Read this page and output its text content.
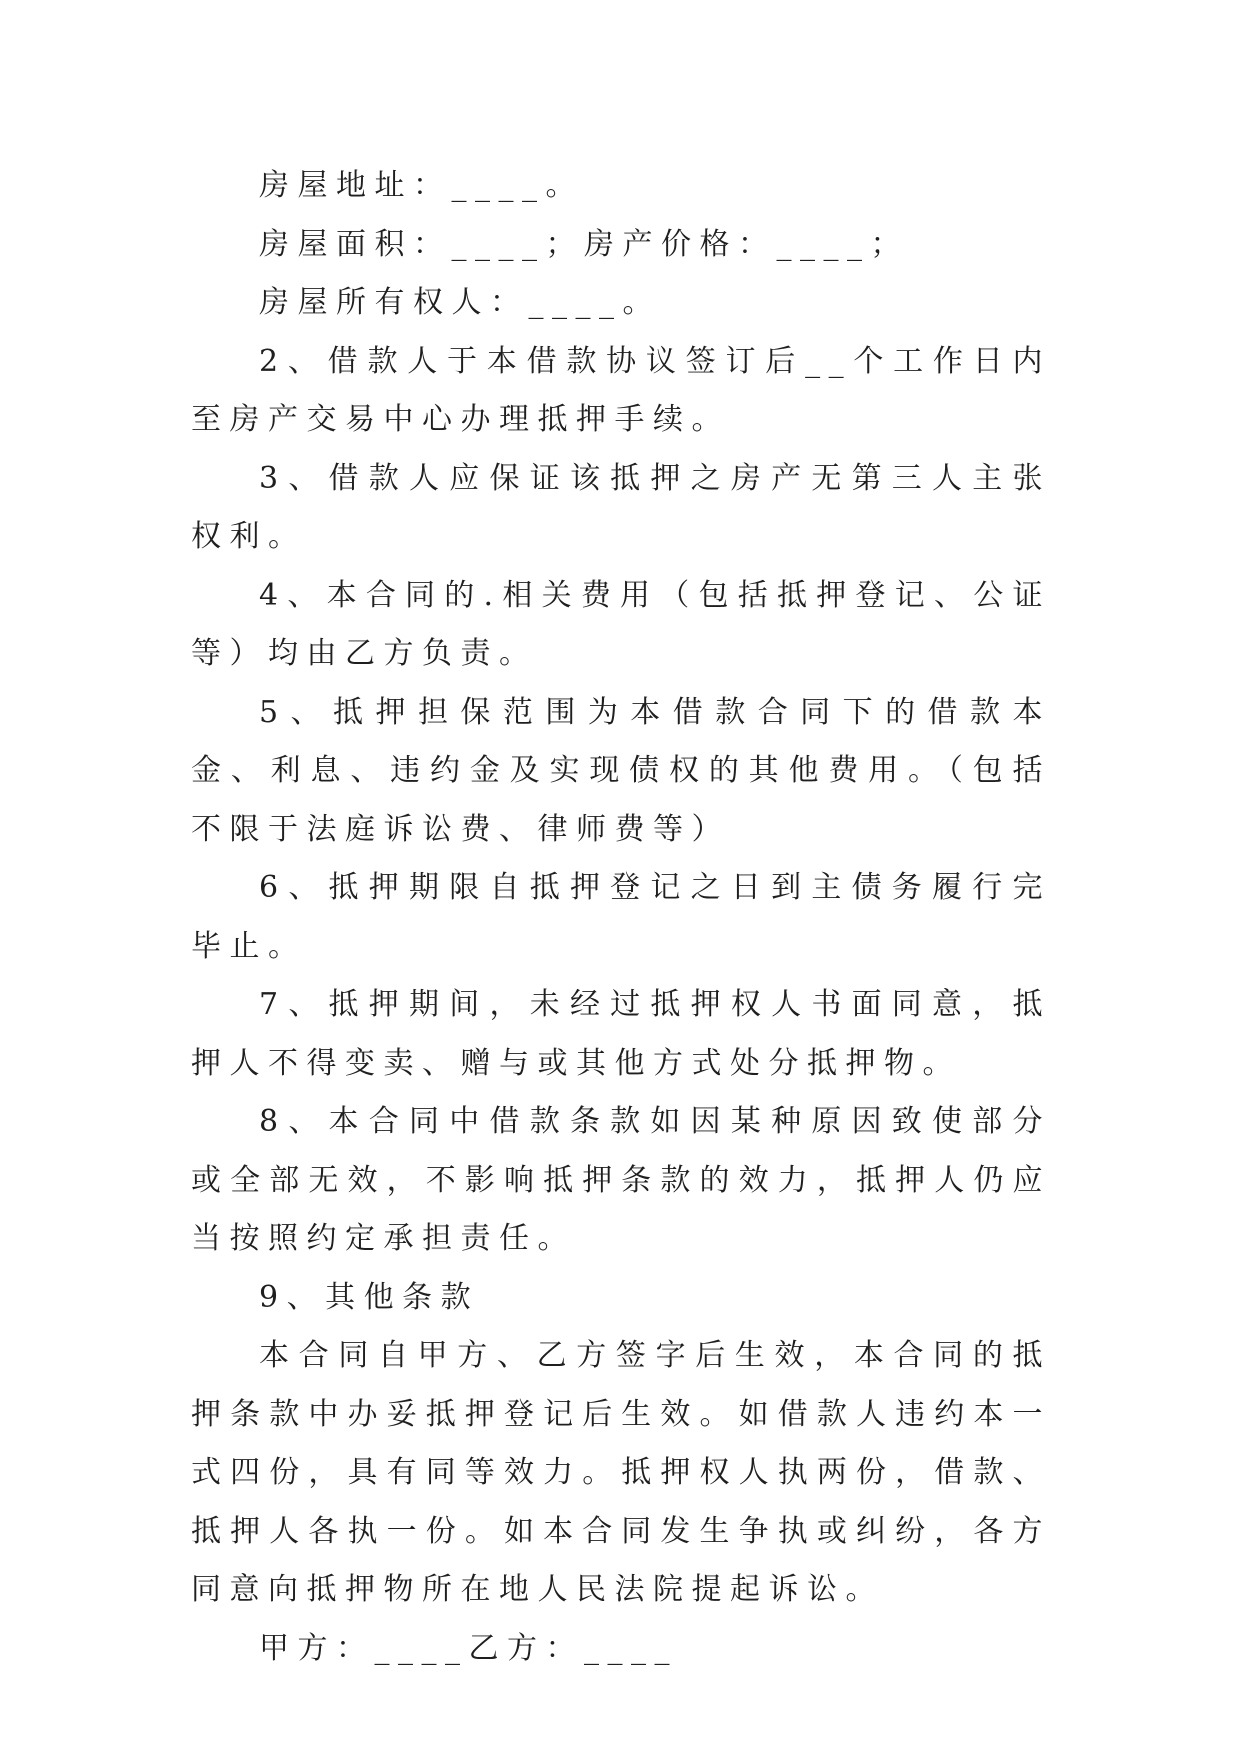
房屋地址：____。

房屋面积：____；房产价格：____；

房屋所有权人：____。

2、借款人于本借款协议签订后__个工作日内至房产交易中心办理抵押手续。

3、借款人应保证该抵押之房产无第三人主张权利。

4、本合同的.相关费用（包括抵押登记、公证等）均由乙方负责。

5、抵押担保范围为本借款合同下的借款本金、利息、违约金及实现债权的其他费用。（包括不限于法庭诉讼费、律师费等）

6、抵押期限自抵押登记之日到主债务履行完毕止。

7、抵押期间，未经过抵押权人书面同意，抵押人不得变卖、赠与或其他方式处分抵押物。

8、本合同中借款条款如因某种原因致使部分或全部无效，不影响抵押条款的效力，抵押人仍应当按照约定承担责任。

9、其他条款

本合同自甲方、乙方签字后生效，本合同的抵押条款中办妥抵押登记后生效。如借款人违约本一式四份，具有同等效力。抵押权人执两份，借款、抵押人各执一份。如本合同发生争执或纠纷，各方同意向抵押物所在地人民法院提起诉讼。

甲方：____乙方：____
